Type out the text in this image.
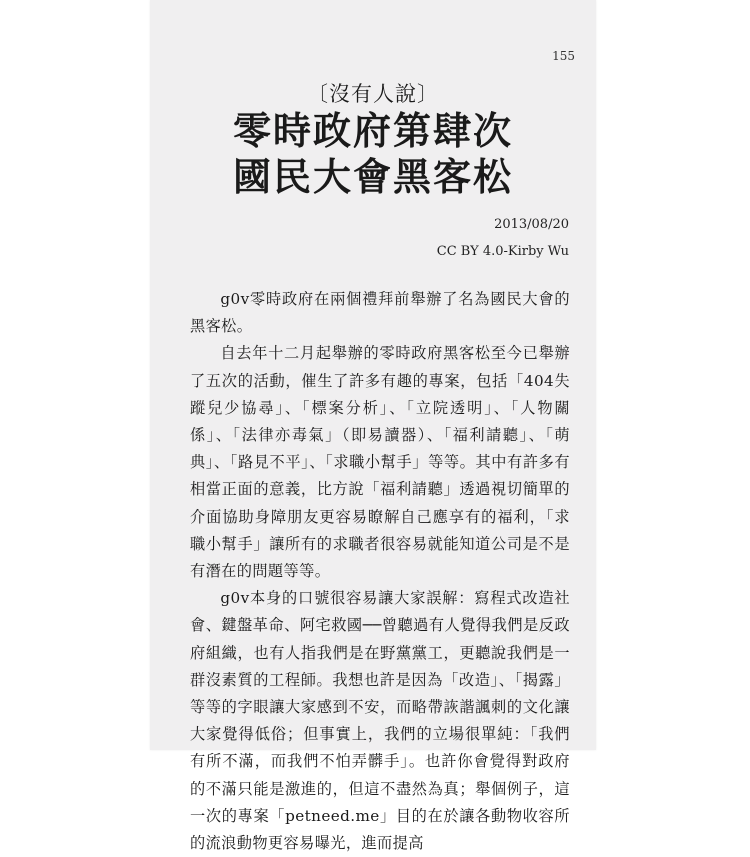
155
〔沒有人說〕
零時政府第肆次
國民大會黑客松
2013/08/20
CC BY 4.0-Kirby Wu

g0v零時政府在兩個禮拜前舉辦了名為國民大會的黑客松。

自去年十二月起舉辦的零時政府黑客松至今已舉辦了五次的活動，催生了許多有趣的專案，包括「404失蹤兒少協尋」、「標案分析」、「立院透明」、「人物關係」、「法律亦毒氣」（即易讀器）、「福利請聽」、「萌典」、「路見不平」、「求職小幫手」等等。其中有許多有相當正面的意義，比方說「福利請聽」透過視切簡單的介面協助身障朋友更容易瞭解自己應享有的福利，「求職小幫手」讓所有的求職者很容易就能知道公司是不是有潛在的問題等等。

g0v本身的口號很容易讓大家誤解：寫程式改造社會、鍵盤革命、阿宅救國──曾聽過有人覺得我們是反政府組織，也有人指我們是在野黨黨工，更聽說我們是一群沒素質的工程師。我想也許是因為「改造」、「揭露」等等的字眼讓大家感到不安，而略帶詼諧諷刺的文化讓大家覺得低俗；但事實上，我們的立場很單純：「我們有所不滿，而我們不怕弄髒手」。也許你會覺得對政府的不滿只能是激進的，但這不盡然為真；舉個例子，這一次的專案「petneed.me」目的在於讓各動物收容所的流浪動物更容易曝光，進而提高
